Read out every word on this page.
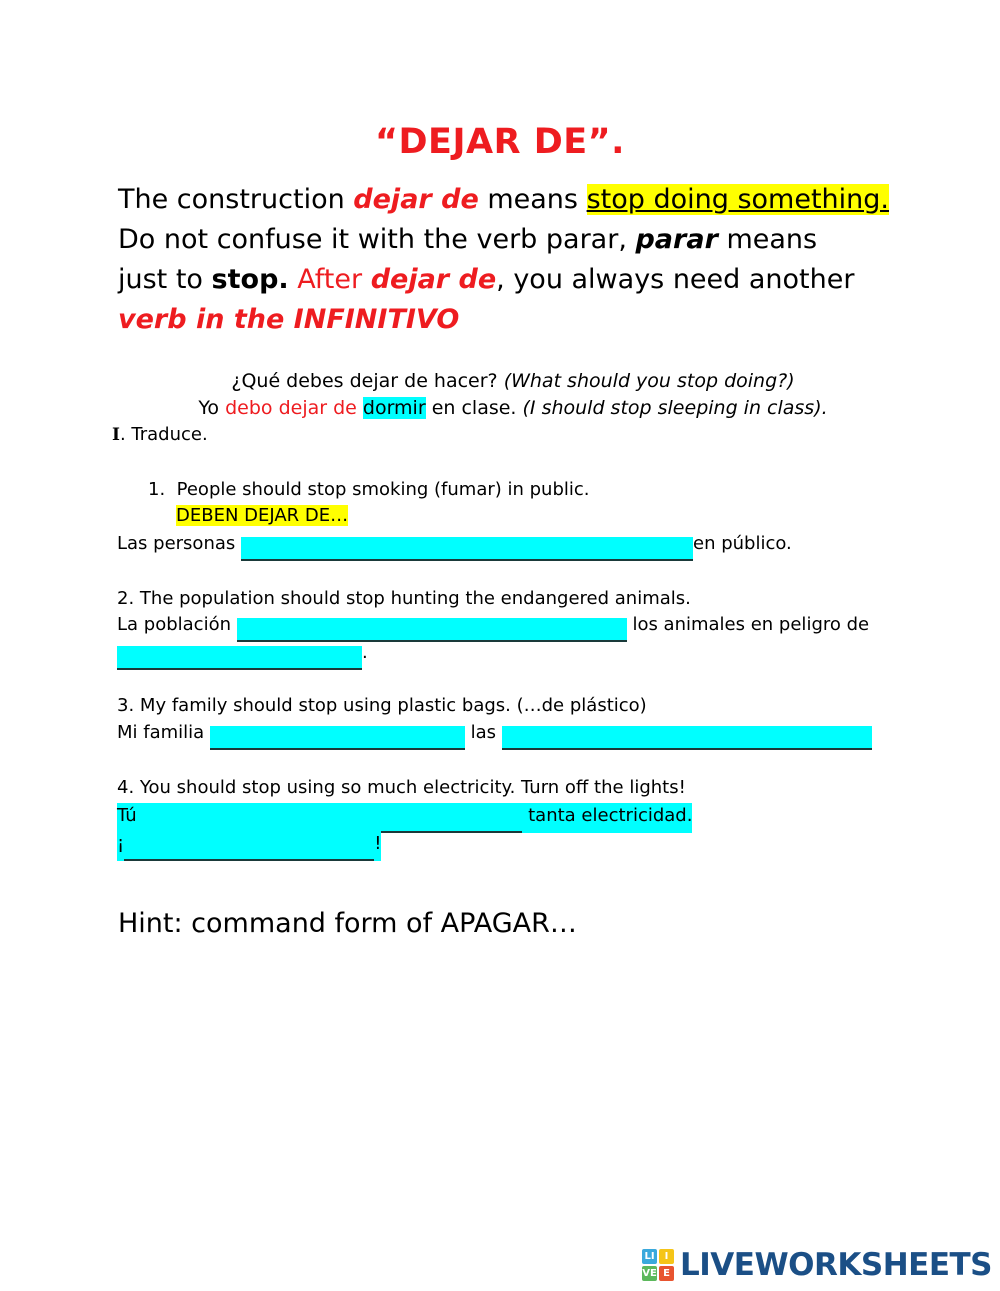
“DEJAR DE”.
The construction dejar de means stop doing something.
Do not confuse it with the verb parar, parar means
just to stop. After dejar de, you always need another
verb in the INFINITIVO
¿Qué debes dejar de hacer? (What should you stop doing?)
Yo debo dejar de dormir en clase. (I should stop sleeping in class).
I. Traduce.
1. People should stop smoking (fumar) in public.
DEBEN DEJAR DE…
Las personas	en público.
2. The population should stop hunting the endangered animals.
La población	los animales en peligro de
.
3. My family should stop using plastic bags. (…de plástico)
Mi familia	las
4. You should stop using so much electricity. Turn off the lights!
Tú	tanta electricidad.
¡	!
Hint: command form of APAGAR…
LI	I
VE E LIVEWORKSHEETS
